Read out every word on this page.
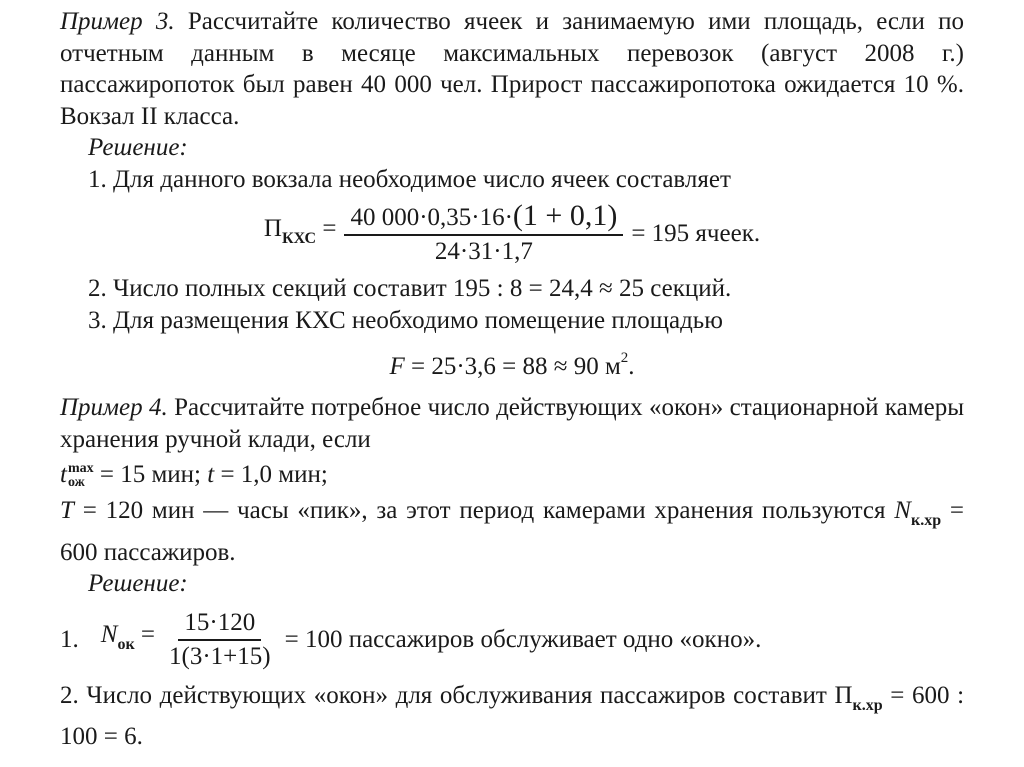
Пример 3. Рассчитайте количество ячеек и занимаемую ими площадь, если по отчетным данным в месяце максимальных перевозок (август 2008 г.) пассажиропоток был равен 40 000 чел. Прирост пассажиропотока ожидается 10 %. Вокзал II класса.

Решение:

1. Для данного вокзала необходимое число ячеек составляет

$П_{КХС} = \frac{40 000\cdot 0,35\cdot 16\cdot(1 + 0,1)}{24\cdot 31\cdot 1,7} = 195$ ячеек.

2. Число полных секций составит 195 : 8 = 24,4 ≈ 25 секций.

3. Для размещения КХС необходимо помещение площадью

F = 25·3,6 = 88 ≈ 90 $м^2$.

Пример 4. Рассчитайте потребное число действующих «окон» стационарной камеры хранения ручной клади, если

t max
ож = 15 мин; t = 1,0 мин;

T = 120 мин — часы «пик», за этот период камерами хранения пользуются $N_{к.хр} = 600$ пассажиров.

Решение:

1. $N_{ок} = \frac{15\cdot 120}{1(3\cdot 1+15)} = 100$ пассажиров обслуживает одно «окно».

2. Число действующих «окон» для обслуживания пассажиров составит $П_{к.хр} = 600$ : 100 = 6.
